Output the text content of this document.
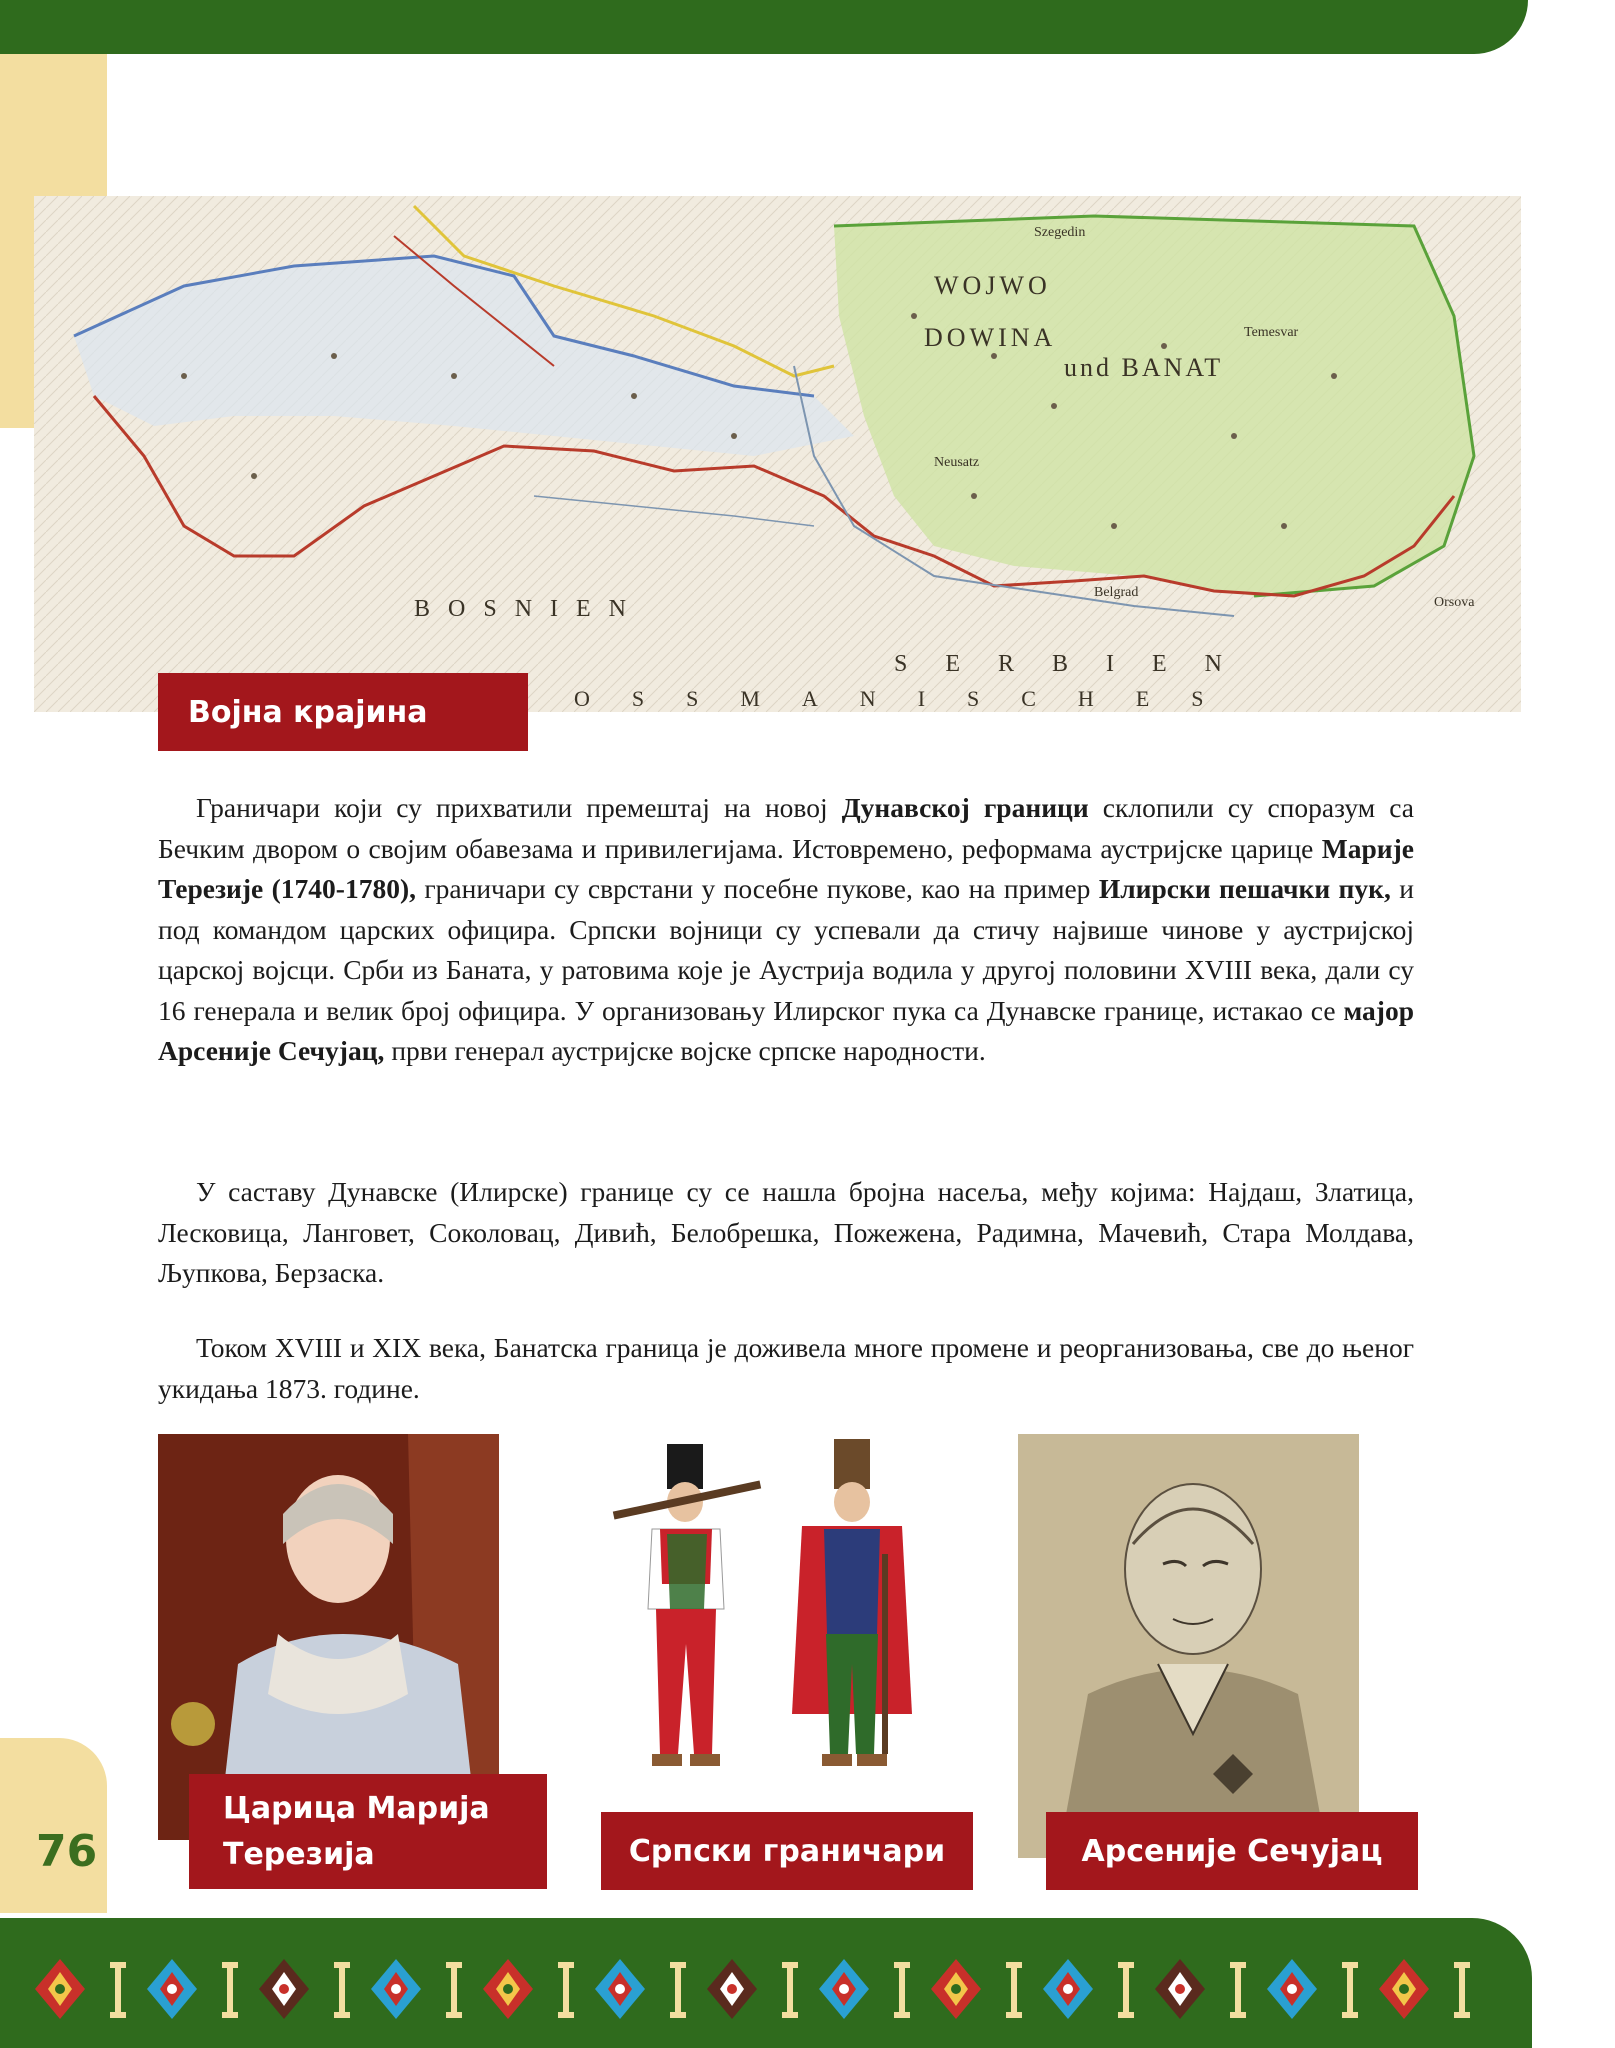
76
WOJWO
DOWINA
und BANAT
BOSNIEN
SERBIEN
OSSMANISCHES
Szegedin
Neusatz
Temesvar
Belgrad
Orsova
Војна крајина

Граничари који су прихватили премештај на новој Дунавској граници склопили су споразум са Бечким двором о својим обавезама и привилегијама. Истовремено, реформама аустријске царице Марије Терезије (1740-1780), граничари су сврстани у посебне пукове, као на пример Илирски пешачки пук, и под командом царских официра. Српски војници су успевали да стичу највише чинове у аустријској царској војсци. Срби из Баната, у ратовима које је Аустрија водила у другој половини XVIII века, дали су 16 генерала и велик број официра. У организовању Илирског пука са Дунавске границе, истакао се мајор Арсеније Сечујац, први генерал аустријске војске српске народности.

У саставу Дунавске (Илирске) границе су се нашла бројна насеља, међу којима: Најдаш, Златица, Лесковица, Ланговет, Соколовац, Дивић, Белобрешка, Пожежена, Радимна, Мачевић, Стара Молдава, Љупкова, Берзаска.

Током XVIII и XIX века, Банатска граница је доживела многе промене и реорганизовања, све до њеног укидања 1873. године.

Царица Марија
Терезија	Српски граничари	Арсеније Сечујац
